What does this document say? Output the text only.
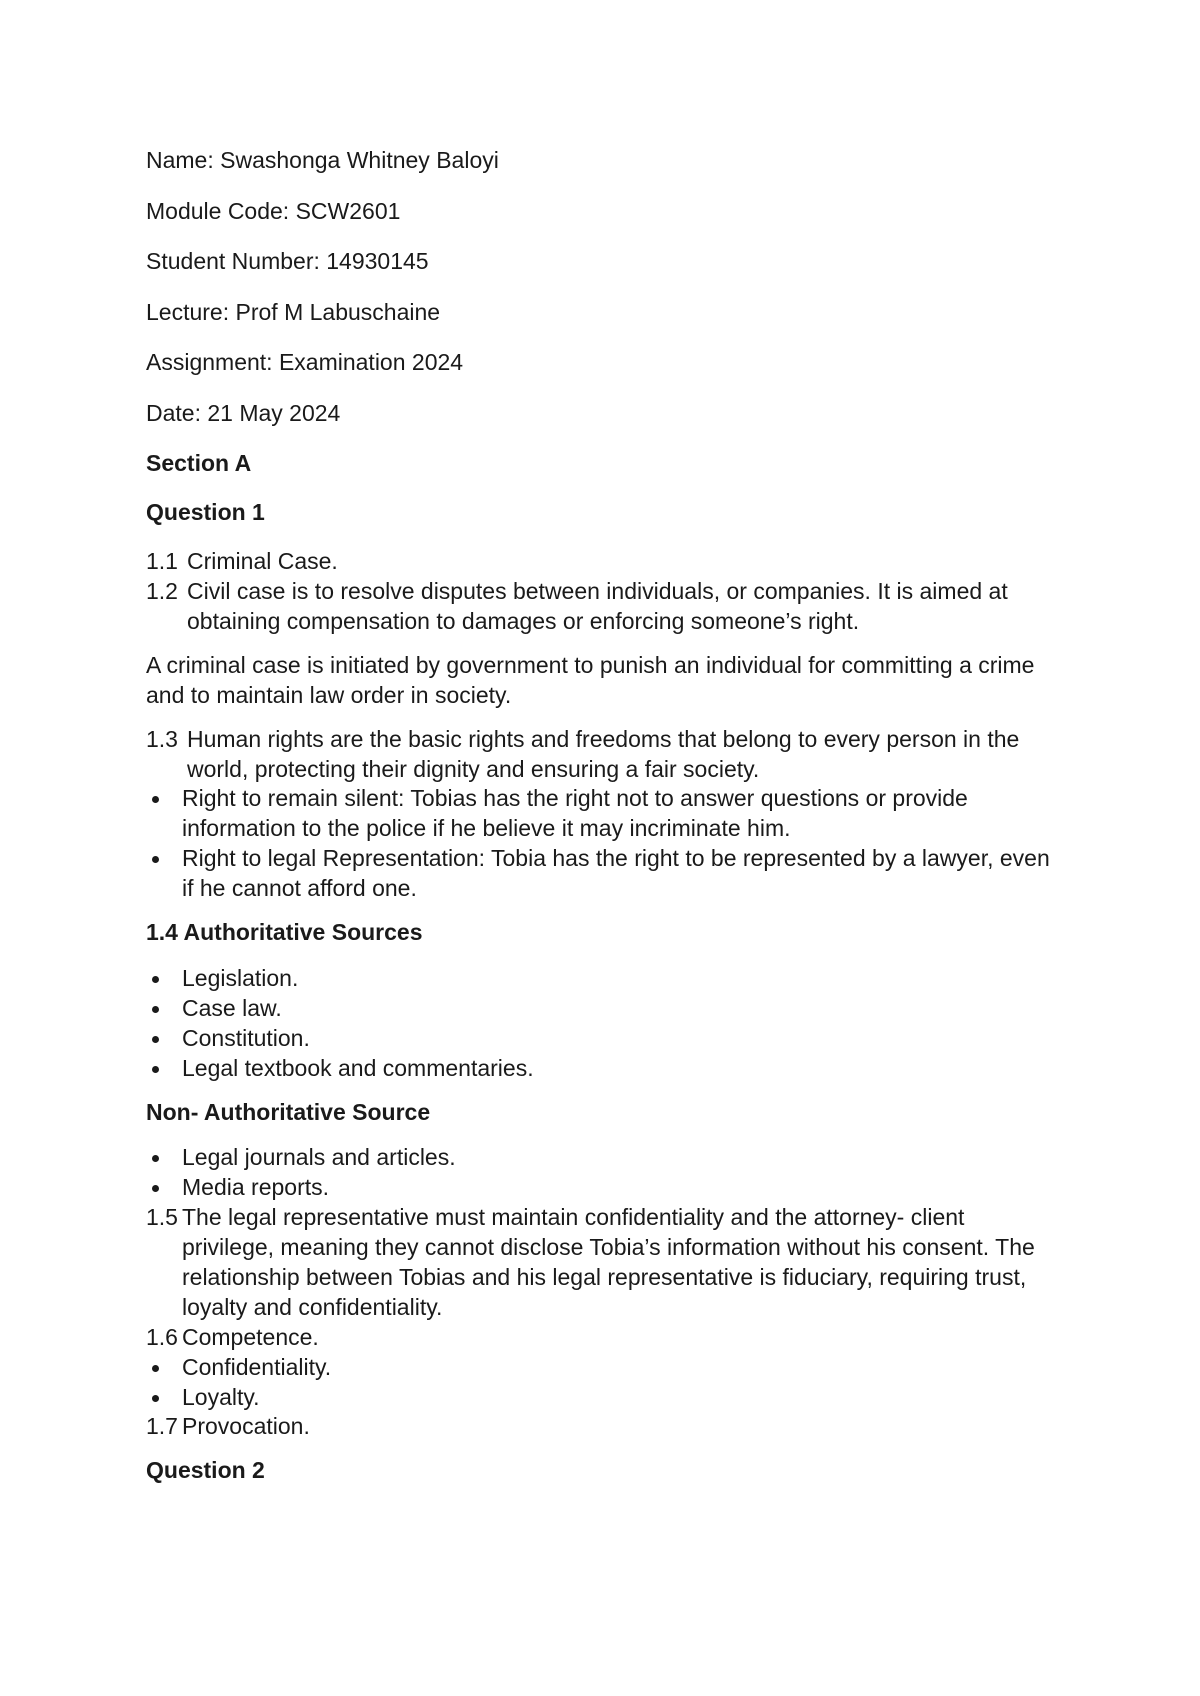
Name: Swashonga Whitney Baloyi

Module Code: SCW2601

Student Number: 14930145

Lecture: Prof M Labuschaine

Assignment: Examination 2024

Date: 21 May 2024

Section A

Question 1

1.1 Criminal Case.
1.2 Civil case is to resolve disputes between individuals, or companies. It is aimed at obtaining compensation to damages or enforcing someone’s right.

A criminal case is initiated by government to punish an individual for committing a crime and to maintain law order in society.

1.3 Human rights are the basic rights and freedoms that belong to every person in the world, protecting their dignity and ensuring a fair society.
Right to remain silent: Tobias has the right not to answer questions or provide information to the police if he believe it may incriminate him.
Right to legal Representation: Tobia has the right to be represented by a lawyer, even if he cannot afford one.

1.4 Authoritative Sources

Legislation.
Case law.
Constitution.
Legal textbook and commentaries.

Non- Authoritative Source

Legal journals and articles.
Media reports.
1.5 The legal representative must maintain confidentiality and the attorney- client privilege, meaning they cannot disclose Tobia’s information without his consent. The relationship between Tobias and his legal representative is fiduciary, requiring trust, loyalty and confidentiality.
1.6 Competence.
Confidentiality.
Loyalty.
1.7 Provocation.

Question 2
